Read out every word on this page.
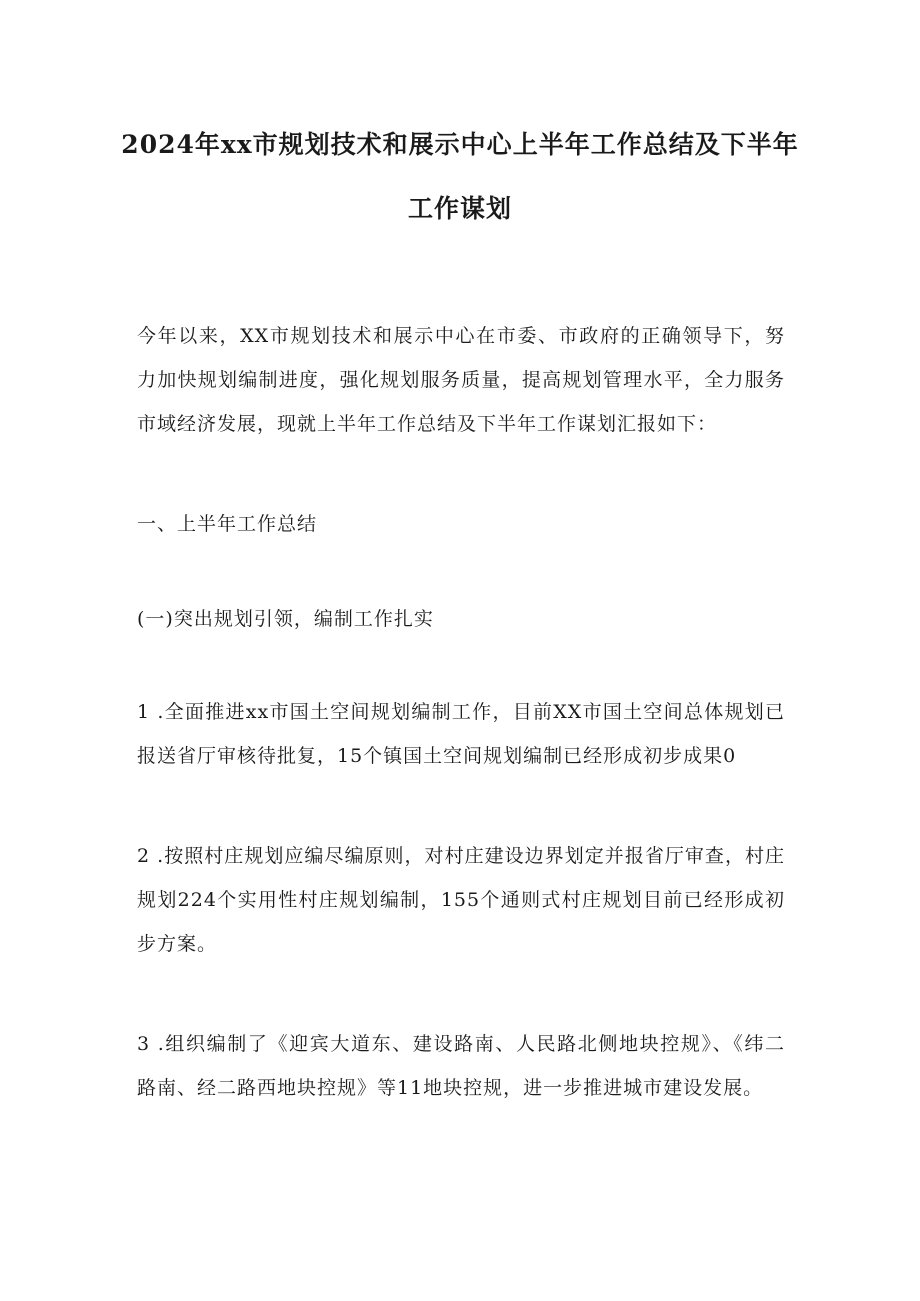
2024年xx市规划技术和展示中心上半年工作总结及下半年
工作谋划

今年以来，XX市规划技术和展示中心在市委、市政府的正确领导下，努力加快规划编制进度，强化规划服务质量，提高规划管理水平，全力服务市域经济发展，现就上半年工作总结及下半年工作谋划汇报如下：

一、上半年工作总结
(一)突出规划引领，编制工作扎实

1 .全面推进xx市国土空间规划编制工作，目前XX市国土空间总体规划已报送省厅审核待批复，15个镇国土空间规划编制已经形成初步成果0

2 .按照村庄规划应编尽编原则，对村庄建设边界划定并报省厅审查，村庄规划224个实用性村庄规划编制，155个通则式村庄规划目前已经形成初步方案。

3 .组织编制了《迎宾大道东、建设路南、人民路北侧地块控规》、《纬二路南、经二路西地块控规》等11地块控规，进一步推进城市建设发展。
